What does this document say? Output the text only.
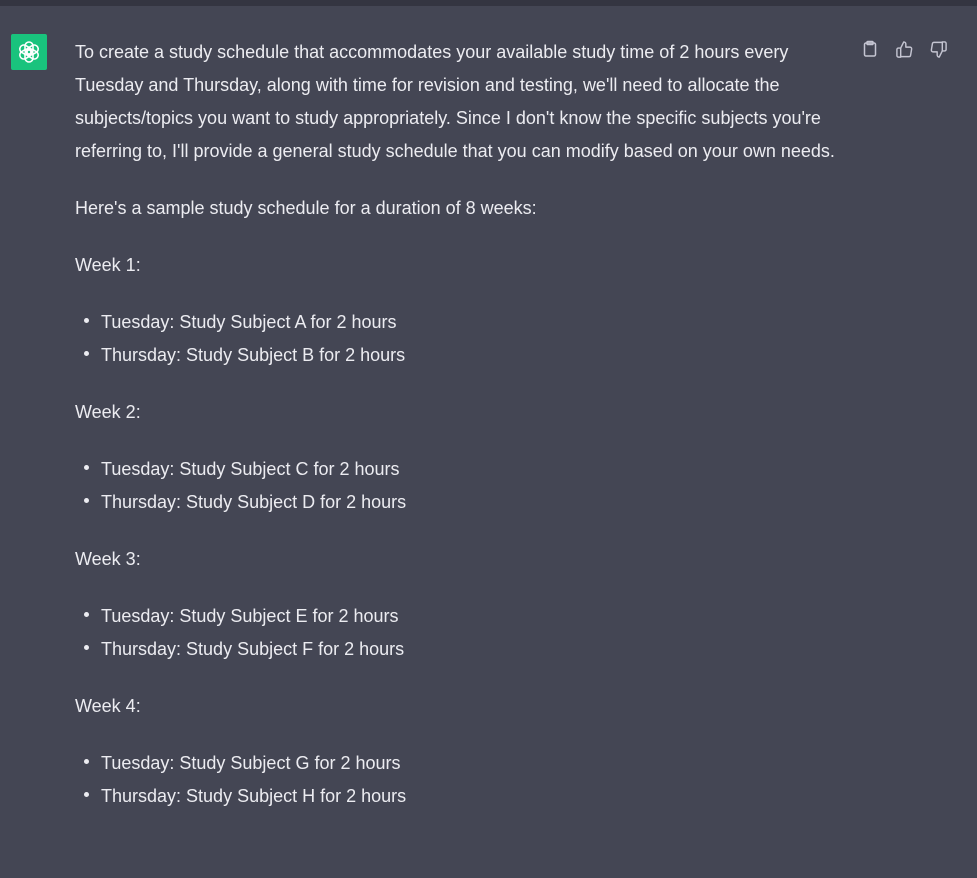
To create a study schedule that accommodates your available study time of 2 hours every Tuesday and Thursday, along with time for revision and testing, we'll need to allocate the subjects/topics you want to study appropriately. Since I don't know the specific subjects you're referring to, I'll provide a general study schedule that you can modify based on your own needs.

Here's a sample study schedule for a duration of 8 weeks:

Week 1:

Tuesday: Study Subject A for 2 hours
Thursday: Study Subject B for 2 hours

Week 2:

Tuesday: Study Subject C for 2 hours
Thursday: Study Subject D for 2 hours

Week 3:

Tuesday: Study Subject E for 2 hours
Thursday: Study Subject F for 2 hours

Week 4:

Tuesday: Study Subject G for 2 hours
Thursday: Study Subject H for 2 hours
